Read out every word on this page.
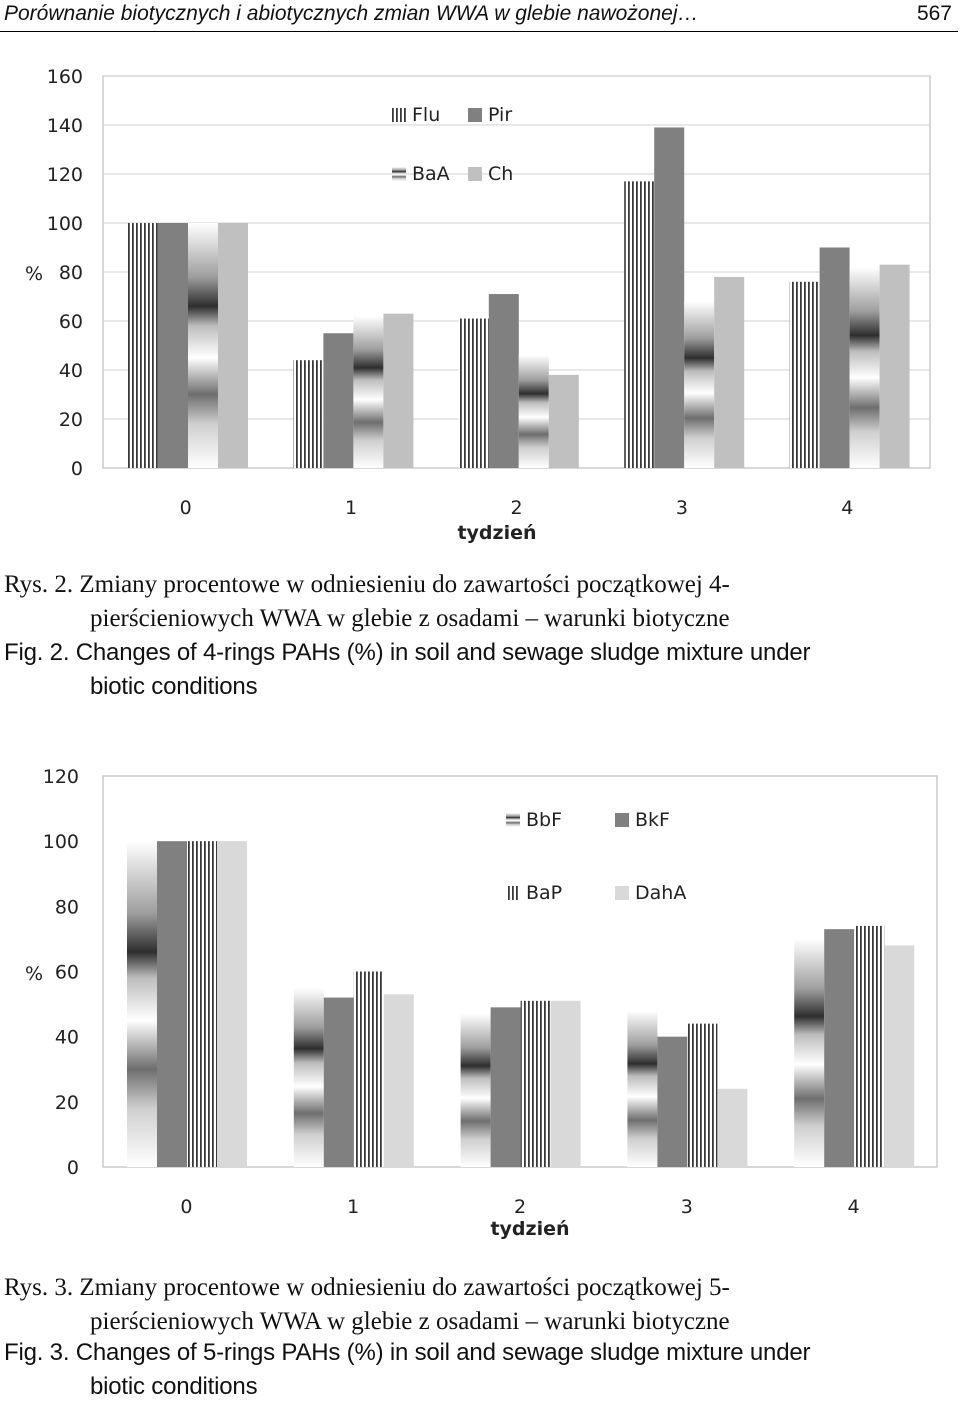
Porównanie biotycznych i abiotycznych zmian WWA w glebie nawożonej…	567
0
20
40
60
80
100
120
140
160
%
0	1	2	3	4
tydzień
Flu	Pir
BaA Ch
Rys. 2. Zmiany procentowe w odniesieniu do zawartości początkowej 4-
pierścieniowych WWA w glebie z osadami – warunki biotyczne
Fig. 2. Changes of 4-rings PAHs (%) in soil and sewage sludge mixture under
biotic conditions
0
20
40
60
80
100
120
%
0	1	2	3	4
tydzień
BbF	BkF
BaP	DahA
Rys. 3. Zmiany procentowe w odniesieniu do zawartości początkowej 5-
pierścieniowych WWA w glebie z osadami – warunki biotyczne
Fig. 3. Changes of 5-rings PAHs (%) in soil and sewage sludge mixture under
biotic conditions
